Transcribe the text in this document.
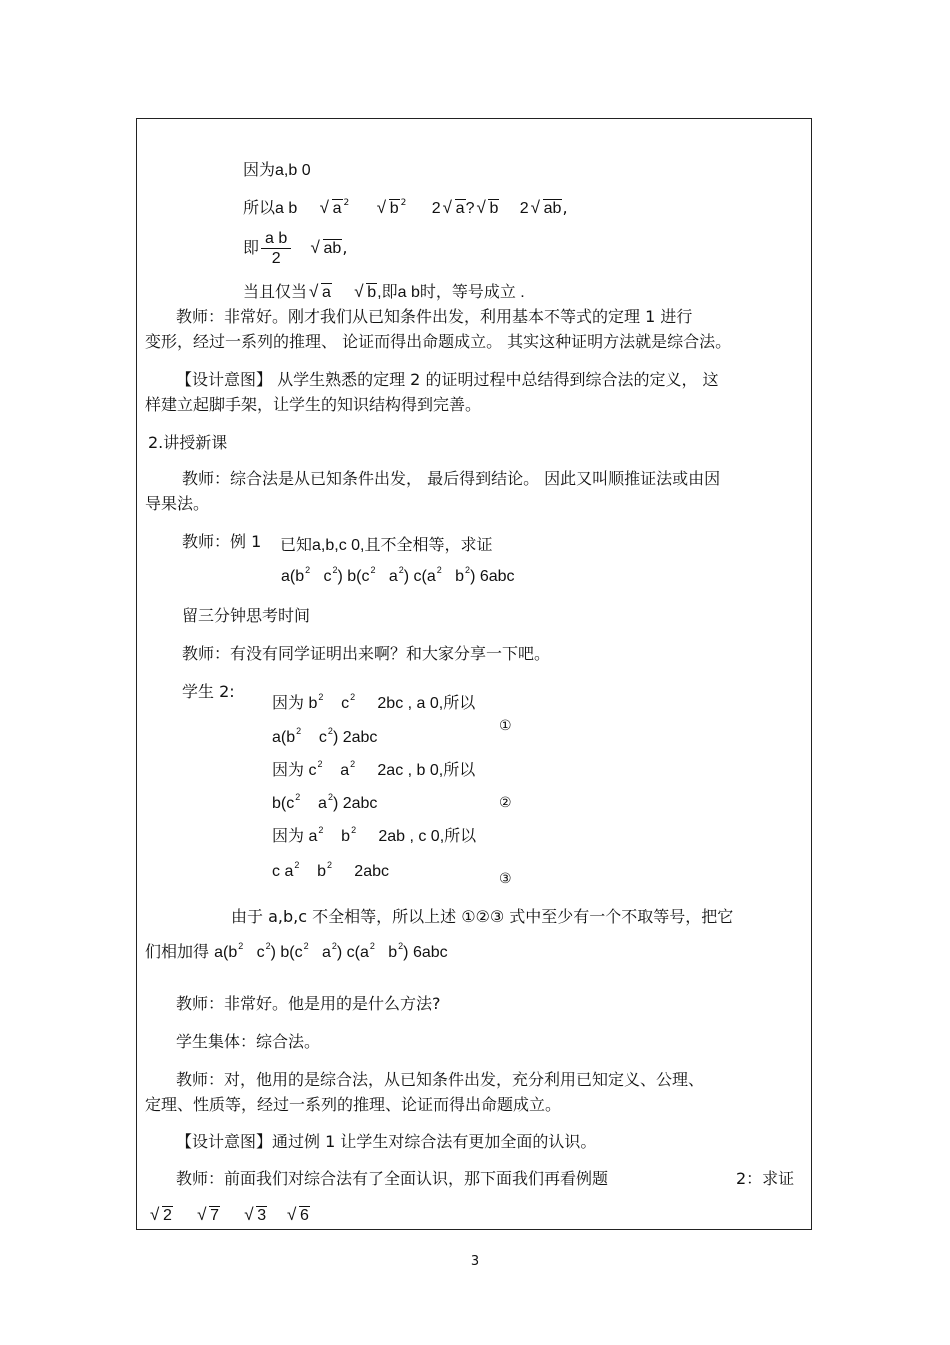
因为a,b 0
所以a b √ a $^2$	√ b $^2$ 2 √ a? √ b 2 √ ab,
即 $\frac{\text{a b}}{2}$ √ ab,
当且仅当 √ a √ b,即a b时，等号成立 .
教师：非常好。刚才我们从已知条件出发，利用基本不等式的定理 1 进行
变形，经过一系列的推理、 论证而得出命题成立。 其实这种证明方法就是综合法。
【设计意图】 从学生熟悉的定理 2 的证明过程中总结得到综合法的定义， 这
样建立起脚手架，让学生的知识结构得到完善。
2.讲授新课
教师：综合法是从已知条件出发， 最后得到结论。 因此又叫顺推证法或由因
导果法。
教师：例 1 已知a,b,c 0,且不全相等，求证
$a(b^2$ $c^2$) $b(c^2$ $a^2$) $c(a^2$ $b^2$) 6abc
留三分钟思考时间
教师：有没有同学证明出来啊？和大家分享一下吧。
学生 2:
因为 $b^2$ $c^2$ 2bc , a 0,所以
①
$a(b^2$ $c^2$) 2abc
因为 $c^2$ $a^2$ 2ac , b 0,所以
$b(c^2$ $a^2$) 2abc	②
因为 $a^2$ $b^2$ 2ab , c 0,所以
c $a^2$ $b^2$ 2abc	③
由于 a,b,c 不全相等，所以上述 ①②③ 式中至少有一个不取等号，把它
们相加得 $a(b^2$ $c^2$) $b(c^2$ $a^2$) $c(a^2$ $b^2$) 6abc
教师：非常好。他是用的是什么方法?
学生集体：综合法。
教师：对，他用的是综合法，从已知条件出发，充分利用已知定义、公理、
定理、性质等，经过一系列的推理、论证而得出命题成立。
【设计意图】通过例 1 让学生对综合法有更加全面的认识。
教师：前面我们对综合法有了全面认识，那下面我们再看例题	2：求证
√ 2 √ 7 √ 3 √ 6
3
